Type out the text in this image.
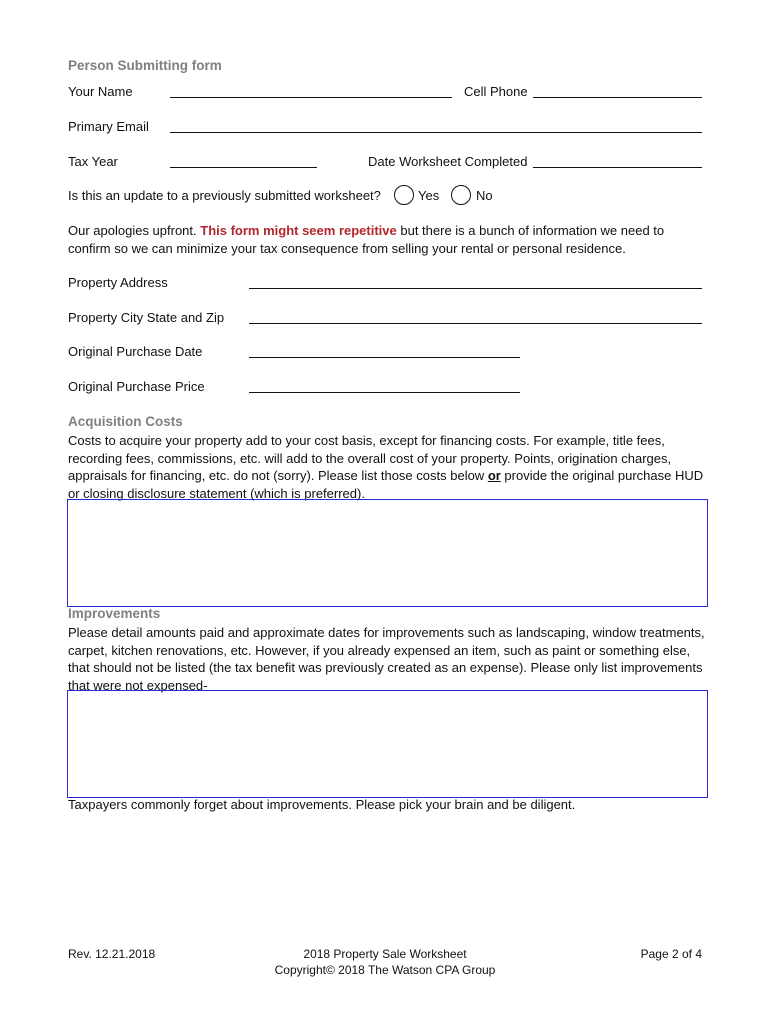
Person Submitting form
Your Name	Cell Phone
Primary Email
Tax Year	Date Worksheet Completed
Is this an update to a previously submitted worksheet?	Yes	No
Our apologies upfront. This form might seem repetitive but there is a bunch of information we need to confirm so we can minimize your tax consequence from selling your rental or personal residence.
Property Address
Property City State and Zip
Original Purchase Date
Original Purchase Price
Acquisition Costs
Costs to acquire your property add to your cost basis, except for financing costs. For example, title fees, recording fees, commissions, etc. will add to the overall cost of your property. Points, origination charges, appraisals for financing, etc. do not (sorry). Please list those costs below or provide the original purchase HUD or closing disclosure statement (which is preferred).
Improvements
Please detail amounts paid and approximate dates for improvements such as landscaping, window treatments, carpet, kitchen renovations, etc. However, if you already expensed an item, such as paint or something else, that should not be listed (the tax benefit was previously created as an expense). Please only list improvements that were not expensed-
Taxpayers commonly forget about improvements. Please pick your brain and be diligent.
Rev. 12.21.2018	2018 Property Sale Worksheet
Copyright© 2018 The Watson CPA Group
Page 2 of 4
